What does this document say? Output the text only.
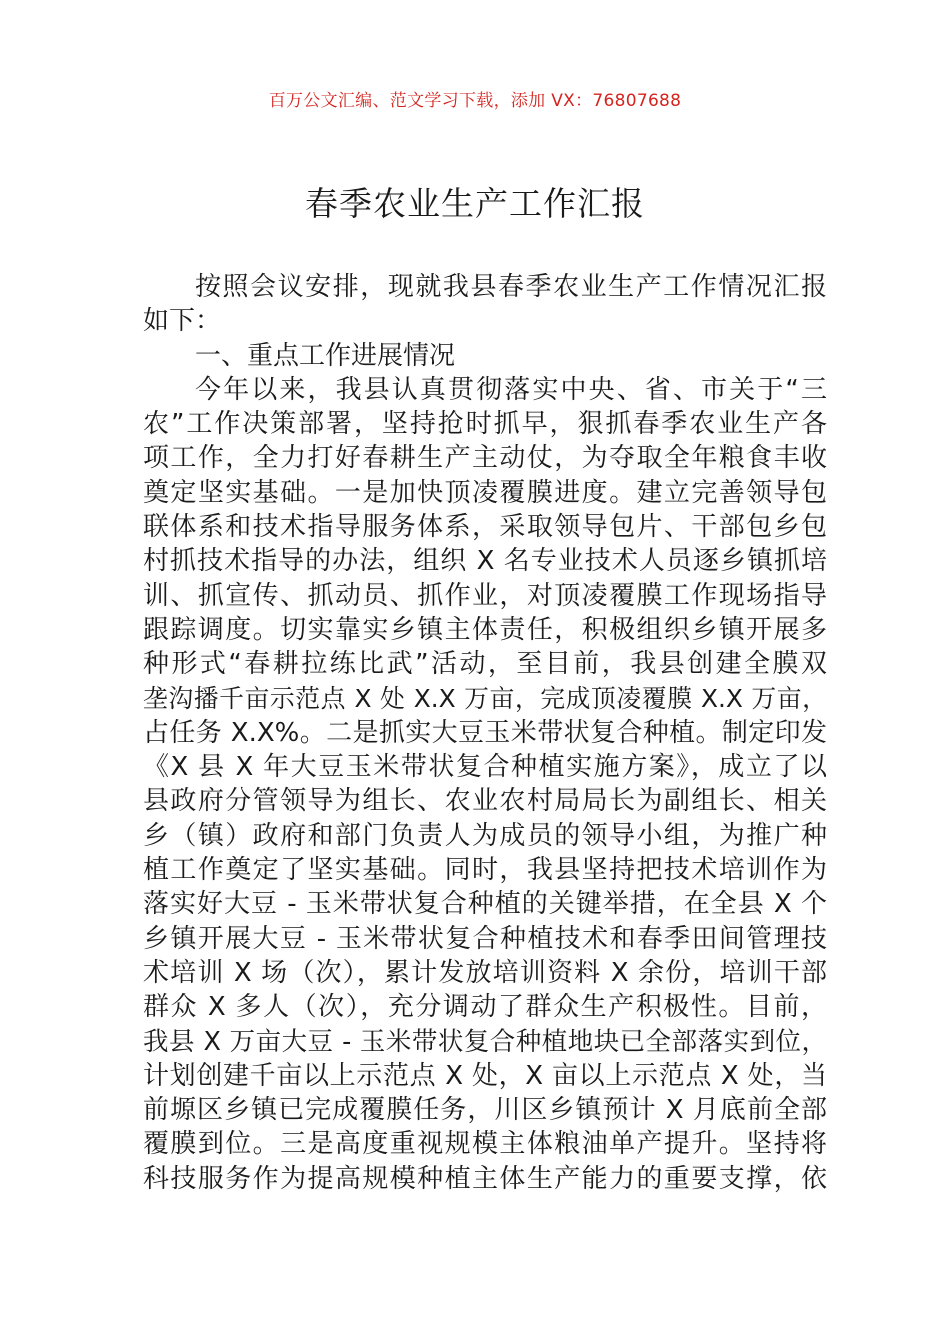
百万公文汇编、范文学习下载，添加 VX：76807688
春季农业生产工作汇报
按照会议安排，现就我县春季农业生产工作情况汇报
如下：
一、重点工作进展情况
今年以来，我县认真贯彻落实中央、省、市关于“三
农”工作决策部署，坚持抢时抓早，狠抓春季农业生产各
项工作，全力打好春耕生产主动仗，为夺取全年粮食丰收
奠定坚实基础。一是加快顶凌覆膜进度。建立完善领导包
联体系和技术指导服务体系，采取领导包片、干部包乡包
村抓技术指导的办法，组织 X 名专业技术人员逐乡镇抓培
训、抓宣传、抓动员、抓作业，对顶凌覆膜工作现场指导
跟踪调度。切实靠实乡镇主体责任，积极组织乡镇开展多
种形式“春耕拉练比武”活动，至目前，我县创建全膜双
垄沟播千亩示范点 X 处 X.X 万亩，完成顶凌覆膜 X.X 万亩，
占任务 X.X%。二是抓实大豆玉米带状复合种植。制定印发
《X 县 X 年大豆玉米带状复合种植实施方案》，成立了以
县政府分管领导为组长、农业农村局局长为副组长、相关
乡（镇）政府和部门负责人为成员的领导小组，为推广种
植工作奠定了坚实基础。同时，我县坚持把技术培训作为
落实好大豆 - 玉米带状复合种植的关键举措，在全县 X 个
乡镇开展大豆 - 玉米带状复合种植技术和春季田间管理技
术培训 X 场（次），累计发放培训资料 X 余份，培训干部
群众 X 多人（次），充分调动了群众生产积极性。目前，
我县 X 万亩大豆 - 玉米带状复合种植地块已全部落实到位，
计划创建千亩以上示范点 X 处，X 亩以上示范点 X 处，当
前塬区乡镇已完成覆膜任务，川区乡镇预计 X 月底前全部
覆膜到位。三是高度重视规模主体粮油单产提升。坚持将
科技服务作为提高规模种植主体生产能力的重要支撑，依
